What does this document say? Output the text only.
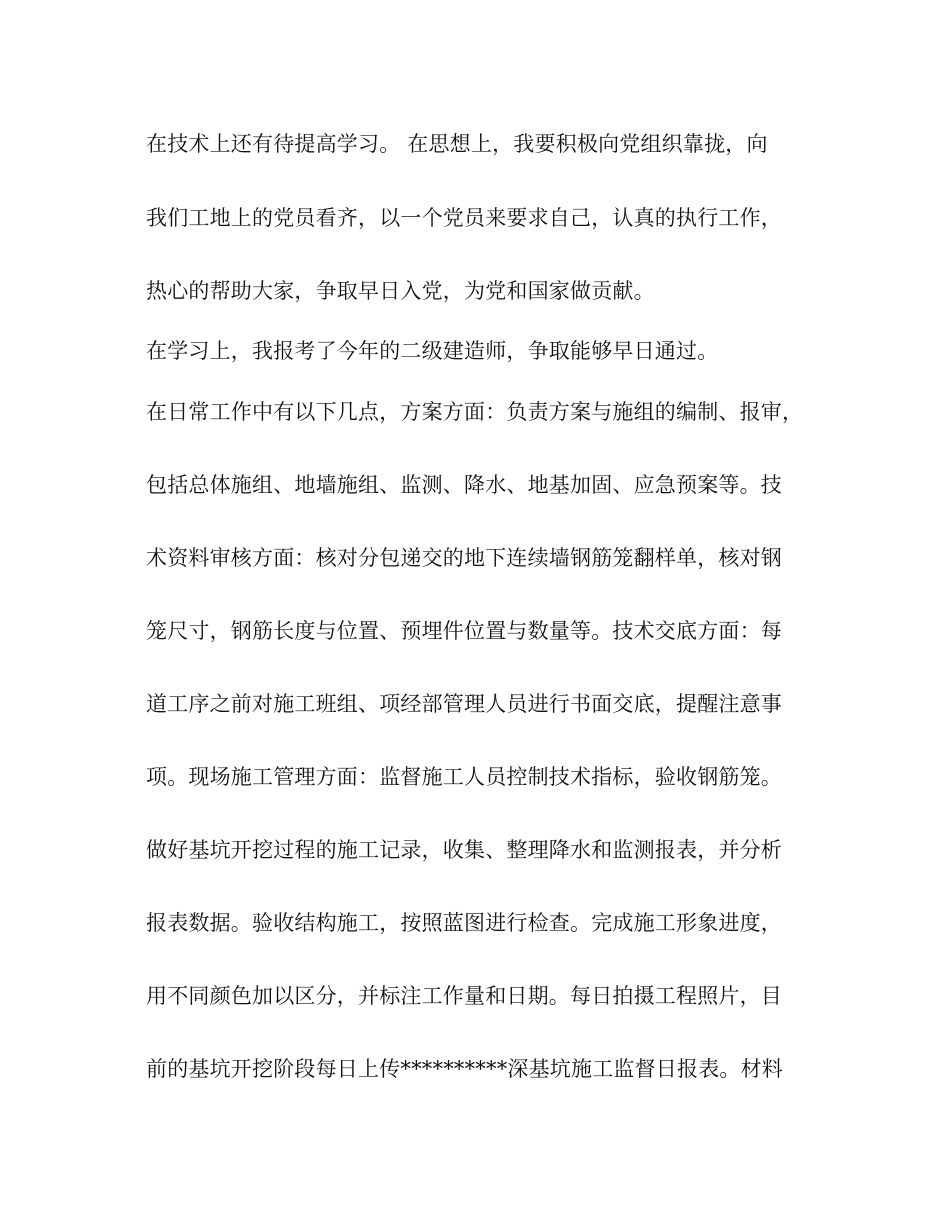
在技术上还有待提高学习。 在思想上，我要积极向党组织靠拢，向
我们工地上的党员看齐，以一个党员来要求自己，认真的执行工作，
热心的帮助大家，争取早日入党，为党和国家做贡献。
在学习上，我报考了今年的二级建造师，争取能够早日通过。
在日常工作中有以下几点，方案方面：负责方案与施组的编制、报审，
包括总体施组、地墙施组、监测、降水、地基加固、应急预案等。技
术资料审核方面：核对分包递交的地下连续墙钢筋笼翻样单，核对钢
笼尺寸，钢筋长度与位置、预埋件位置与数量等。技术交底方面：每
道工序之前对施工班组、项经部管理人员进行书面交底，提醒注意事
项。现场施工管理方面：监督施工人员控制技术指标，验收钢筋笼。
做好基坑开挖过程的施工记录，收集、整理降水和监测报表，并分析
报表数据。验收结构施工，按照蓝图进行检查。完成施工形象进度，
用不同颜色加以区分，并标注工作量和日期。每日拍摄工程照片，目
前的基坑开挖阶段每日上传**********深基坑施工监督日报表。材料
